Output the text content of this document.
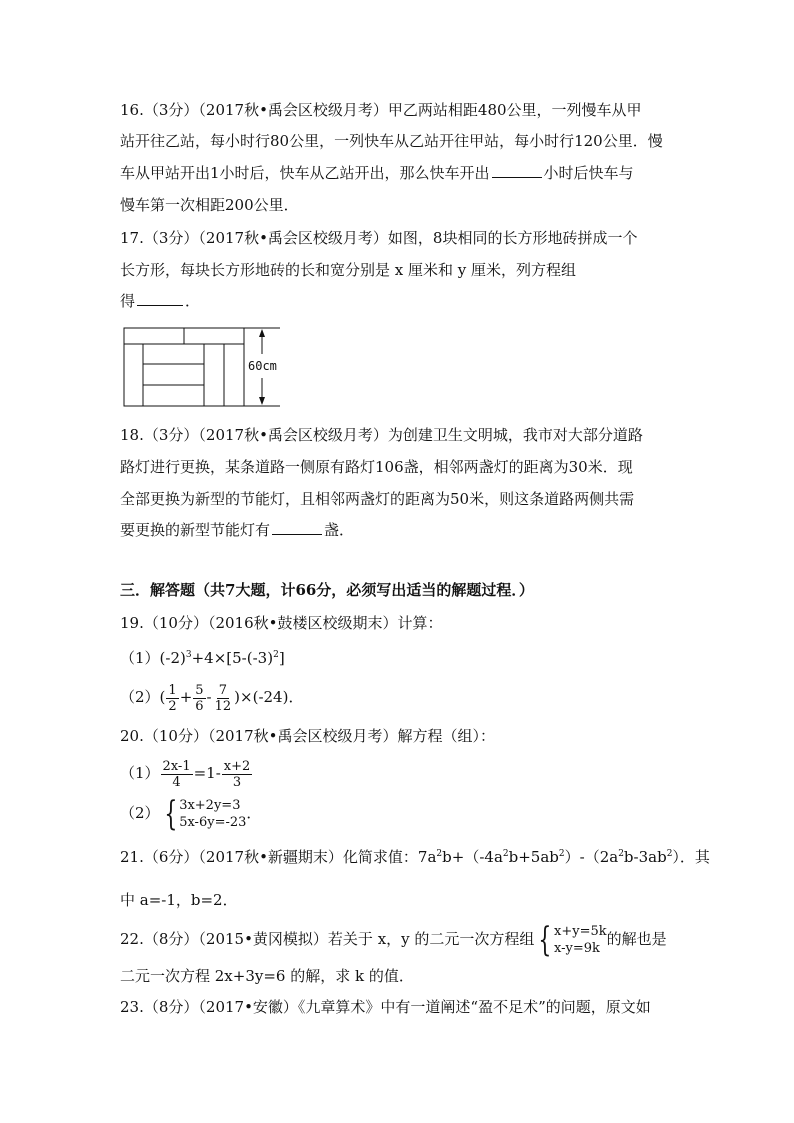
16.（3分）（2017秋•禹会区校级月考）甲乙两站相距480公里，一列慢车从甲
站开往乙站，每小时行80公里，一列快车从乙站开往甲站，每小时行120公里．慢
车从甲站开出1小时后，快车从乙站开出，那么快车开出	小时后快车与
慢车第一次相距200公里．
17.（3分）（2017秋•禹会区校级月考）如图，8块相同的长方形地砖拼成一个
长方形，每块长方形地砖的长和宽分别是 x 厘米和 y 厘米，列方程组
得	．
60cm
18.（3分）（2017秋•禹会区校级月考）为创建卫生文明城，我市对大部分道路
路灯进行更换，某条道路一侧原有路灯106盏，相邻两盏灯的距离为30米．现
全部更换为新型的节能灯，且相邻两盏灯的距离为50米，则这条道路两侧共需
要更换的新型节能灯有	盏．
三．解答题（共7大题，计66分，必须写出适当的解题过程．）
19.（10分）（2016秋•鼓楼区校级期末）计算：
$(1)(-2)^3+4\times[5-(-3)^2]$
$(2)( \frac{1}{2} + \frac{5}{6} - \frac{7}{12} )\times(-24)$．
20.（10分）（2017秋•禹会区校级月考）解方程（组）：
$(1) \frac{2x-1}{4} =1- \frac{x+2}{3}$
（2） { 3x+2y=3
5x-6y=-23
．
21.（6分）（2017秋•新疆期末）化简求值：$7a^2b+(-4a^2b+5ab^2)-(2a^2b-3ab^2)$．其
中 a=-1，b=2．
22.（8分）（2015•黄冈模拟）若关于 x，y 的二元一次方程组 { x+y=5k
x-y=9k
的解也是
二元一次方程 2x+3y=6 的解，求 k 的值．
23.（8分）（2017•安徽）《九章算术》中有一道阐述“盈不足术”的问题，原文如
